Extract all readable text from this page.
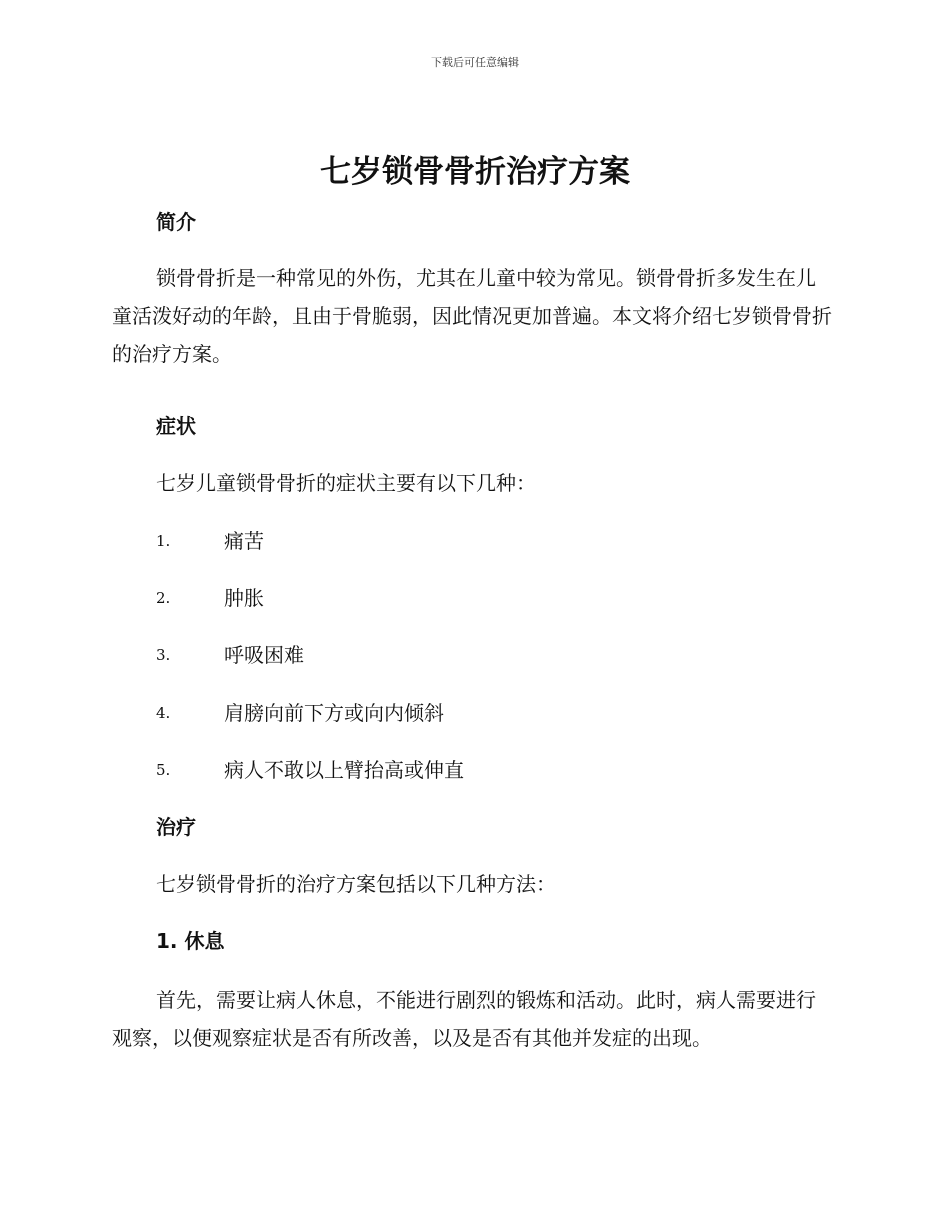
下载后可任意编辑
七岁锁骨骨折治疗方案
简介

锁骨骨折是一种常见的外伤，尤其在儿童中较为常见。锁骨骨折多发生在儿童活泼好动的年龄，且由于骨脆弱，因此情况更加普遍。本文将介绍七岁锁骨骨折的治疗方案。

症状

七岁儿童锁骨骨折的症状主要有以下几种：

1.	痛苦
2.	肿胀
3.	呼吸困难
4.	肩膀向前下方或向内倾斜
5.	病人不敢以上臂抬高或伸直
治疗

七岁锁骨骨折的治疗方案包括以下几种方法：

1. 休息

首先，需要让病人休息，不能进行剧烈的锻炼和活动。此时，病人需要进行观察，以便观察症状是否有所改善，以及是否有其他并发症的出现。
